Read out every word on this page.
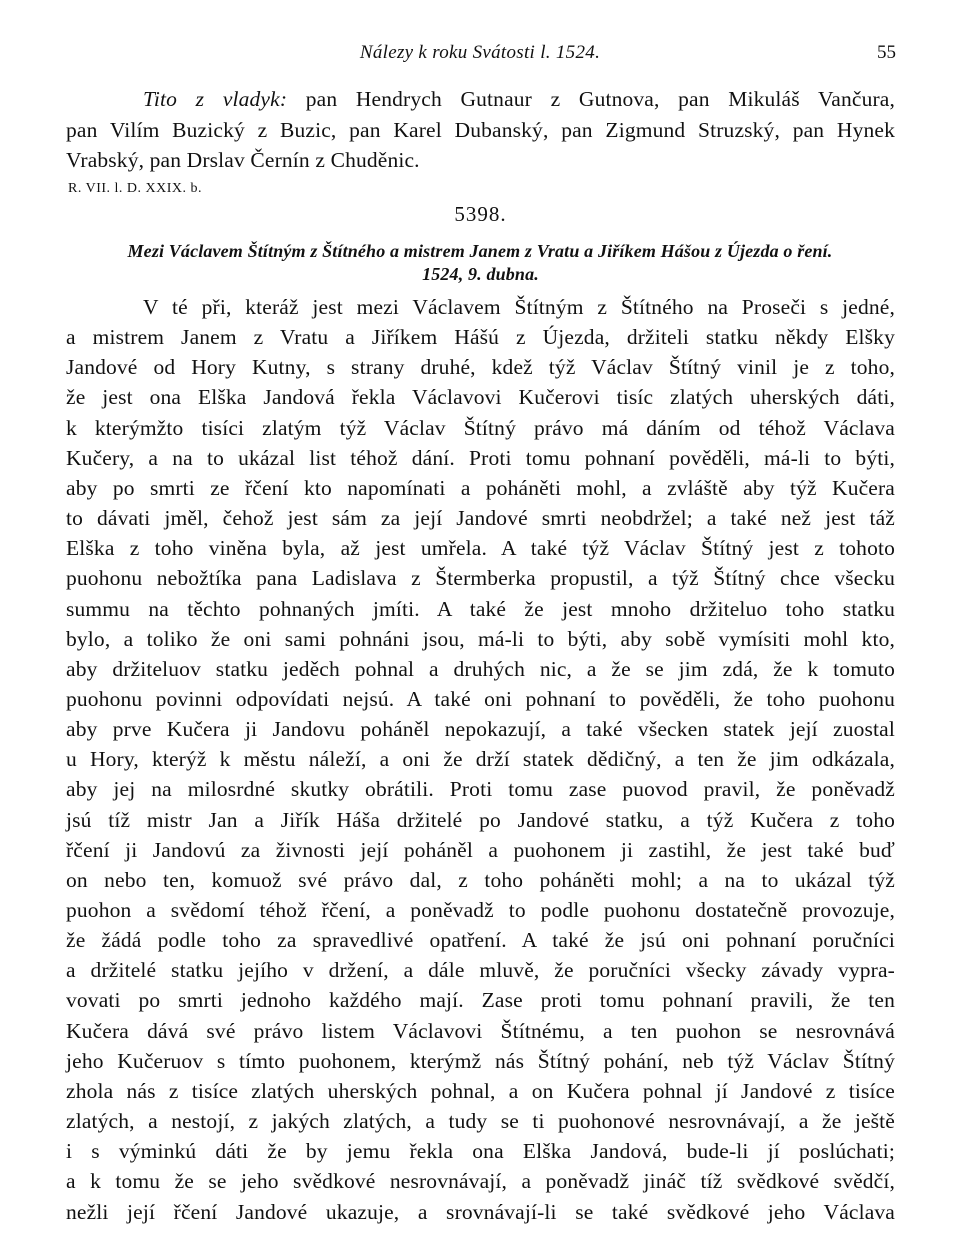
Nálezy k roku Svátosti l. 1524.	55
Tito z vladyk: pan Hendrych Gutnaur z Gutnova, pan Mikuláš Vančura,
pan Vilím Buzický z Buzic, pan Karel Dubanský, pan Zigmund Struzský, pan Hynek
Vrabský, pan Drslav Černín z Chuděnic.
R. VII. l. D. XXIX. b.
5398.
Mezi Václavem Štítným z Štítného a mistrem Janem z Vratu a Jiříkem Hášou z Újezda o ření.
1524, 9. dubna.
V té při, kteráž jest mezi Václavem Štítným z Štítného na Proseči s jedné,
a mistrem Janem z Vratu a Jiříkem Hášú z Újezda, držiteli statku někdy Elšky
Jandové od Hory Kutny, s strany druhé, kdež týž Václav Štítný vinil je z toho,
že jest ona Elška Jandová řekla Václavovi Kučerovi tisíc zlatých uherských dáti,
k kterýmžto tisíci zlatým týž Václav Štítný právo má dáním od téhož Václava
Kučery, a na to ukázal list téhož dání. Proti tomu pohnaní pověděli, má-li to býti,
aby po smrti ze řčení kto napomínati a poháněti mohl, a zvláště aby týž Kučera
to dávati jměl, čehož jest sám za její Jandové smrti neobdržel; a také než jest táž
Elška z toho viněna byla, až jest umřela. A také týž Václav Štítný jest z tohoto
puohonu nebožtíka pana Ladislava z Štermberka propustil, a týž Štítný chce všecku
summu na těchto pohnaných jmíti. A také že jest mnoho držiteluo toho statku
bylo, a toliko že oni sami pohnáni jsou, má-li to býti, aby sobě vymísiti mohl kto,
aby držiteluov statku jeděch pohnal a druhých nic, a že se jim zdá, že k tomuto
puohonu povinni odpovídati nejsú. A také oni pohnaní to pověděli, že toho puohonu
aby prve Kučera ji Jandovu poháněl nepokazují, a také všecken statek její zuostal
u Hory, kterýž k městu náleží, a oni že drží statek dědičný, a ten že jim odkázala,
aby jej na milosrdné skutky obrátili. Proti tomu zase puovod pravil, že poněvadž
jsú tíž mistr Jan a Jiřík Háša držitelé po Jandové statku, a týž Kučera z toho
řčení ji Jandovú za živnosti její poháněl a puohonem ji zastihl, že jest také buď
on nebo ten, komuož své právo dal, z toho poháněti mohl; a na to ukázal týž
puohon a svědomí téhož řčení, a poněvadž to podle puohonu dostatečně provozuje,
že žádá podle toho za spravedlivé opatření. A také že jsú oni pohnaní poručníci
a držitelé statku jejího v držení, a dále mluvě, že poručníci všecky závady vypra-
vovati po smrti jednoho každého mají. Zase proti tomu pohnaní pravili, že ten
Kučera dává své právo listem Václavovi Štítnému, a ten puohon se nesrovnává
jeho Kučeruov s tímto puohonem, kterýmž nás Štítný pohání, neb týž Václav Štítný
zhola nás z tisíce zlatých uherských pohnal, a on Kučera pohnal jí Jandové z tisíce
zlatých, a nestojí, z jakých zlatých, a tudy se ti puohonové nesrovnávají, a že ještě
i s výminkú dáti že by jemu řekla ona Elška Jandová, bude-li jí poslúchati;
a k tomu že se jeho svědkové nesrovnávají, a poněvadž jináč tíž svědkové svědčí,
nežli její řčení Jandové ukazuje, a srovnávají-li se také svědkové jeho Václava
